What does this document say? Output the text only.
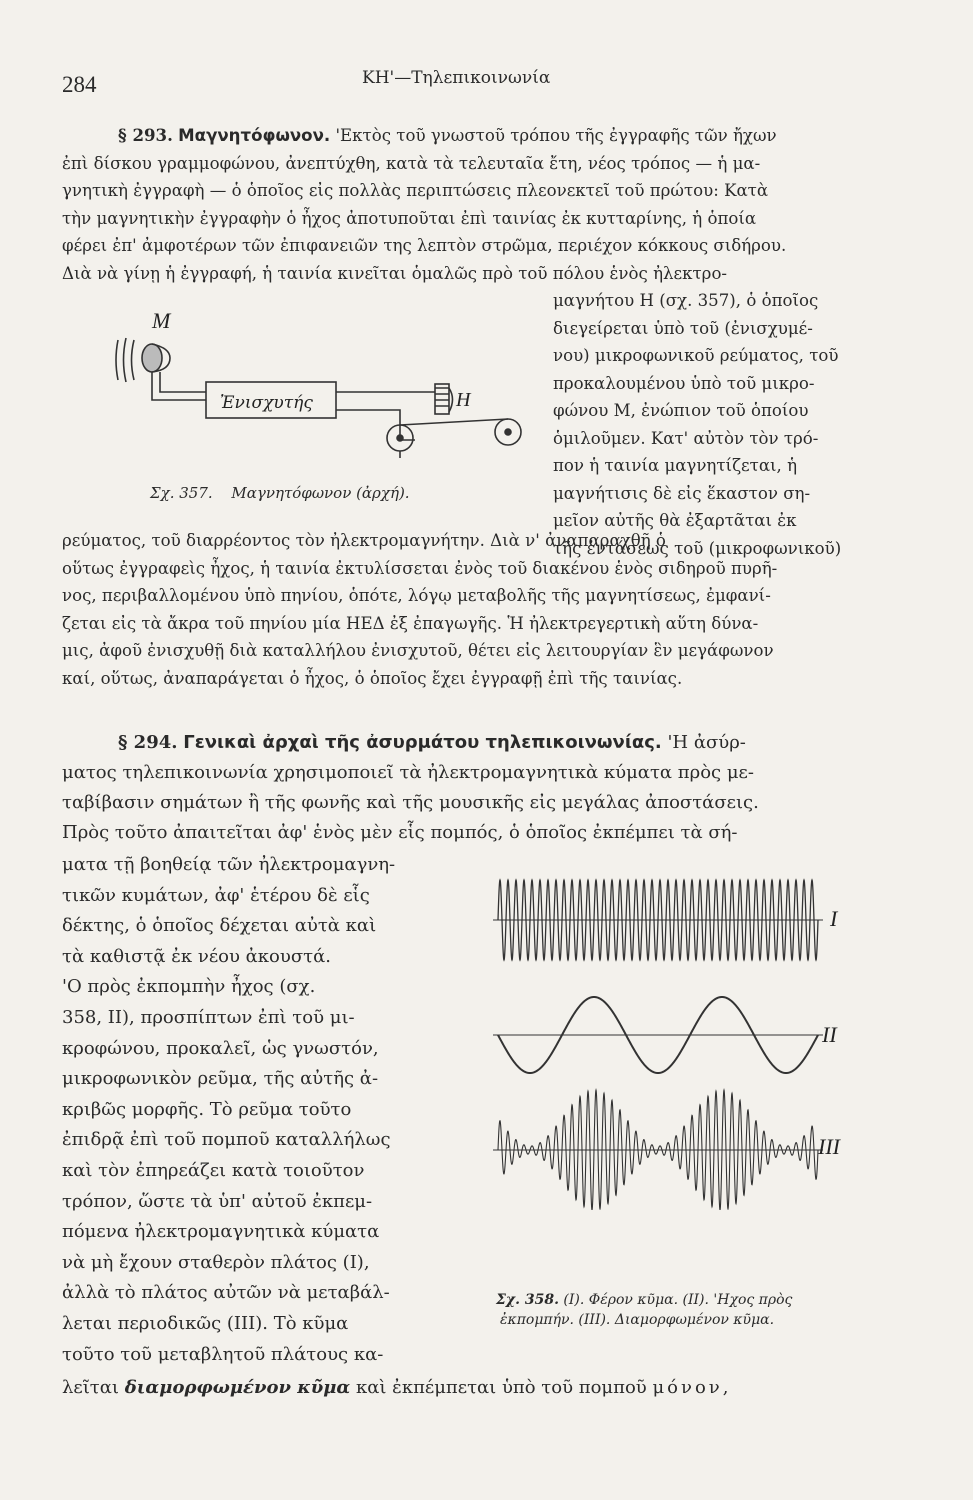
284	ΚΗ'—Τηλεπικοινωνία
§ 293. Μαγνητόφωνον. 'Εκτὸς τοῦ γνωστοῦ τρόπου τῆς ἐγγραφῆς τῶν ἤχων
ἐπὶ δίσκου γραμμοφώνου, ἀνεπτύχθη, κατὰ τὰ τελευταῖα ἔτη, νέος τρόπος — ἡ μα-
γνητικὴ ἐγγραφὴ — ὁ ὁποῖος εἰς πολλὰς περιπτώσεις πλεονεκτεῖ τοῦ πρώτου: Κατὰ
τὴν μαγνητικὴν ἐγγραφὴν ὁ ἦχος ἀποτυποῦται ἐπὶ ταινίας ἐκ κυτταρίνης, ἡ ὁποία
φέρει ἐπ' ἀμφοτέρων τῶν ἐπιφανειῶν της λεπτὸν στρῶμα, περιέχον κόκκους σιδήρου.
Διὰ νὰ γίνῃ ἡ ἐγγραφή, ἡ ταινία κινεῖται ὁμαλῶς πρὸ τοῦ πόλου ἑνὸς ἠλεκτρο-
μαγνήτου Η (σχ. 357), ὁ ὁποῖος
διεγείρεται ὑπὸ τοῦ (ἐνισχυμέ-
νου) μικροφωνικοῦ ρεύματος, τοῦ
προκαλουμένου ὑπὸ τοῦ μικρο-
φώνου Μ, ἐνώπιον τοῦ ὁποίου
ὁμιλοῦμεν. Κατ' αὐτὸν τὸν τρό-
πον ἡ ταινία μαγνητίζεται, ἡ
μαγνήτισις δὲ εἰς ἕκαστον ση-
μεῖον αὐτῆς θὰ ἐξαρτᾶται ἐκ
τῆς ἐντάσεως τοῦ (μικροφωνικοῦ)
Μ
Η
Ἐνισχυτής
Σχ. 357. Μαγνητόφωνον (ἀρχή).
ρεύματος, τοῦ διαρρέοντος τὸν ἠλεκτρομαγνήτην. Διὰ ν' ἀναπαραχθῇ ὁ
οὕτως ἐγγραφεὶς ἦχος, ἡ ταινία ἐκτυλίσσεται ἐνὸς τοῦ διακένου ἑνὸς σιδηροῦ πυρῆ-
νος, περιβαλλομένου ὑπὸ πηνίου, ὁπότε, λόγῳ μεταβολῆς τῆς μαγνητίσεως, ἐμφανί-
ζεται εἰς τὰ ἄκρα τοῦ πηνίου μία ΗΕΔ ἐξ ἐπαγωγῆς. Ἡ ἠλεκτρεγερτικὴ αὕτη δύνα-
μις, ἀφοῦ ἐνισχυθῇ διὰ καταλλήλου ἐνισχυτοῦ, θέτει εἰς λειτουργίαν ἓν μεγάφωνον
καί, οὕτως, ἀναπαράγεται ὁ ἦχος, ὁ ὁποῖος ἔχει ἐγγραφῇ ἐπὶ τῆς ταινίας.
§ 294. Γενικαὶ ἀρχαὶ τῆς ἀσυρμάτου τηλεπικοινωνίας. 'Η ἀσύρ-
ματος τηλεπικοινωνία χρησιμοποιεῖ τὰ ἠλεκτρομαγνητικὰ κύματα πρὸς με-
ταβίβασιν σημάτων ἢ τῆς φωνῆς καὶ τῆς μουσικῆς εἰς μεγάλας ἀποστάσεις.
Πρὸς τοῦτο ἀπαιτεῖται ἀφ' ἑνὸς μὲν εἷς πομπός, ὁ ὁποῖος ἐκπέμπει τὰ σή-
ματα τῇ βοηθείᾳ τῶν ἠλεκτρομαγνη-
τικῶν κυμάτων, ἀφ' ἑτέρου δὲ εἷς
δέκτης, ὁ ὁποῖος δέχεται αὐτὰ καὶ
τὰ καθιστᾷ ἐκ νέου ἀκουστά.
'Ο πρὸς ἐκπομπὴν ἦχος (σχ.
358, ΙΙ), προσπίπτων ἐπὶ τοῦ μι-
κροφώνου, προκαλεῖ, ὡς γνωστόν,
μικροφωνικὸν ρεῦμα, τῆς αὐτῆς ἀ-
κριβῶς μορφῆς. Τὸ ρεῦμα τοῦτο
ἐπιδρᾷ ἐπὶ τοῦ πομποῦ καταλλήλως
καὶ τὸν ἐπηρεάζει κατὰ τοιοῦτον
τρόπον, ὥστε τὰ ὑπ' αὐτοῦ ἐκπεμ-
πόμενα ἠλεκτρομαγνητικὰ κύματα
νὰ μὴ ἔχουν σταθερὸν πλάτος (Ι),
ἀλλὰ τὸ πλάτος αὐτῶν νὰ μεταβάλ-
λεται περιοδικῶς (ΙΙΙ). Τὸ κῦμα
τοῦτο τοῦ μεταβλητοῦ πλάτους κα-
λεῖται διαμορφωμένον κῦμα καὶ ἐκπέμπεται ὑπὸ τοῦ πομποῦ μόνον,
Ι
ΙΙ
ΙΙΙ
Σχ. 358. (Ι). Φέρον κῦμα. (ΙΙ). 'Ηχος πρὸς
ἐκπομπήν. (ΙΙΙ). Διαμορφωμένον κῦμα.
